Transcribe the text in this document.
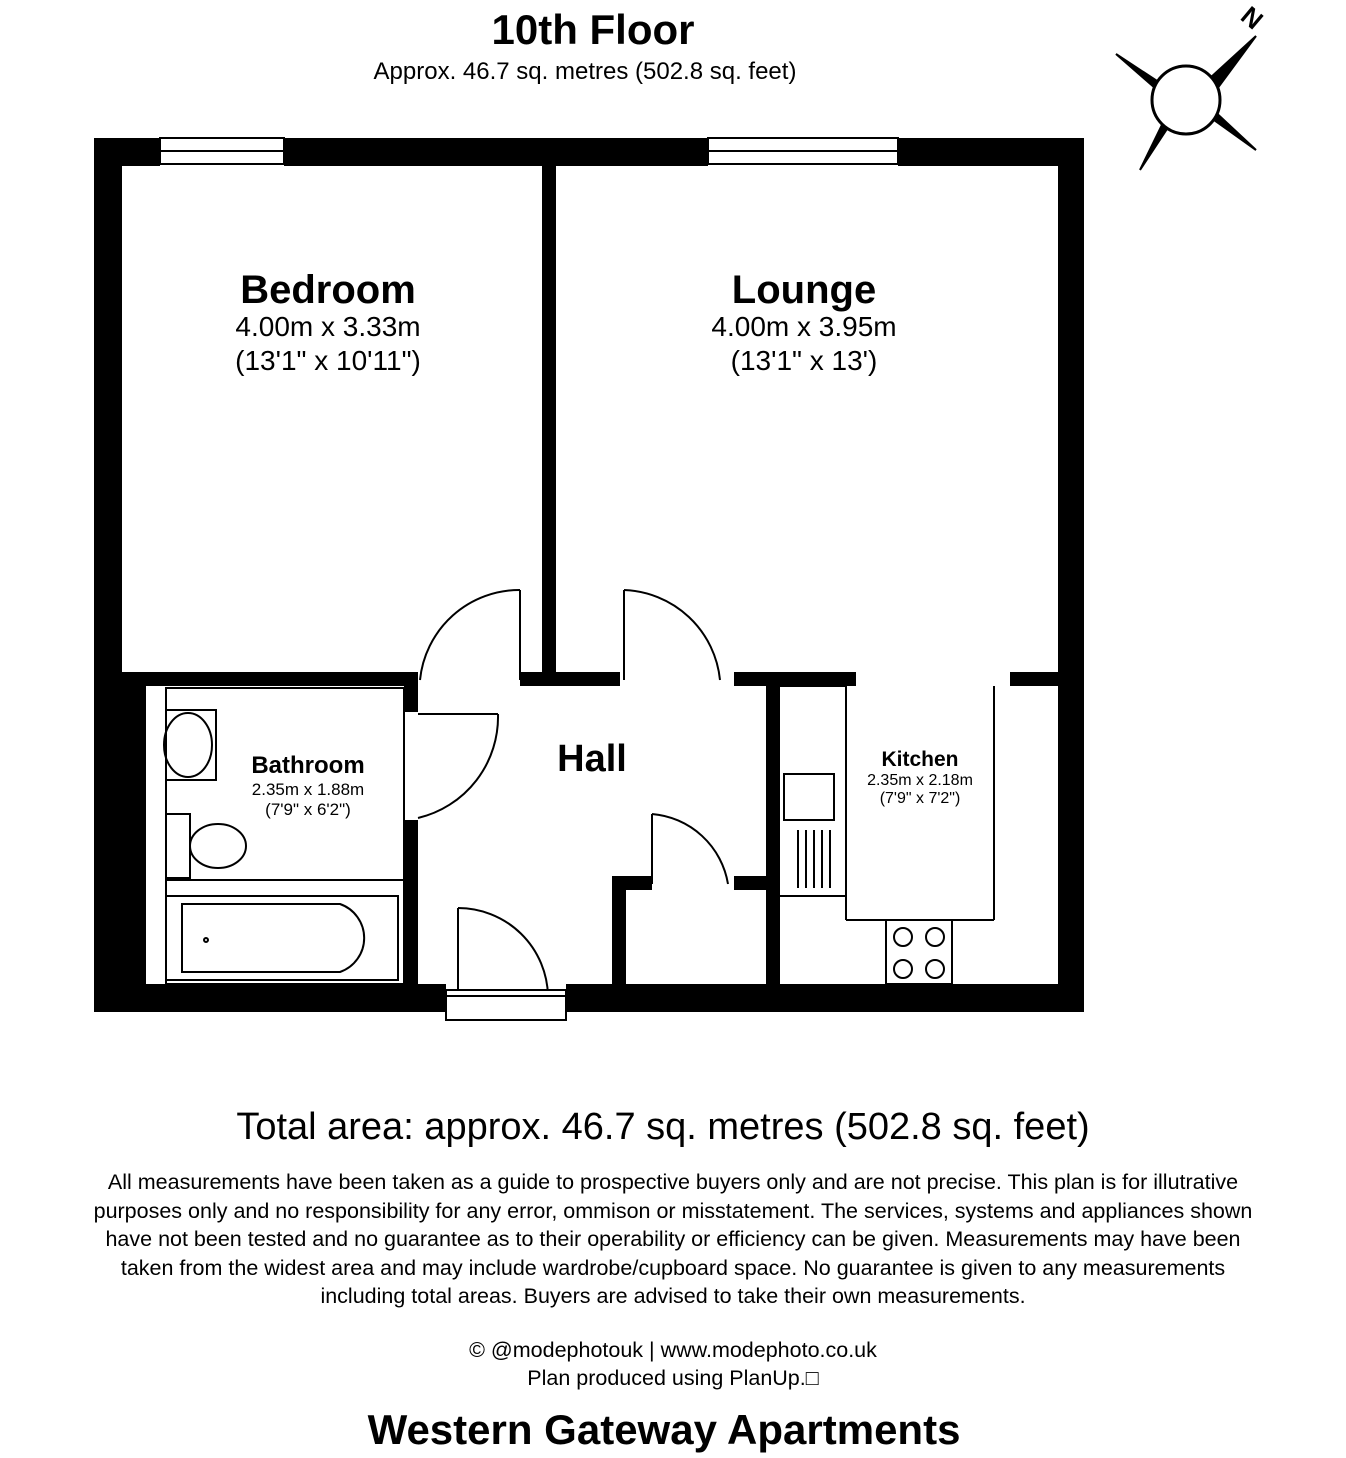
10th Floor
Approx. 46.7 sq. metres (502.8 sq. feet)
N
Bedroom
4.00m x 3.33m
(13'1" x 10'11")
Lounge
4.00m x 3.95m
(13'1" x 13')
Bathroom
2.35m x 1.88m
(7'9" x 6'2")
Hall	Kitchen
2.35m x 2.18m
(7'9" x 7'2")
Total area: approx. 46.7 sq. metres (502.8 sq. feet)
All measurements have been taken as a guide to prospective buyers only and are not precise. This plan is for illutrative
purposes only and no responsibility for any error, ommison or misstatement. The services, systems and appliances shown
have not been tested and no guarantee as to their operability or efficiency can be given. Measurements may have been
taken from the widest area and may include wardrobe/cupboard space. No guarantee is given to any measurements
including total areas. Buyers are advised to take their own measurements.
© @modephotouk | www.modephoto.co.uk
Plan produced using PlanUp.□
Western Gateway Apartments
